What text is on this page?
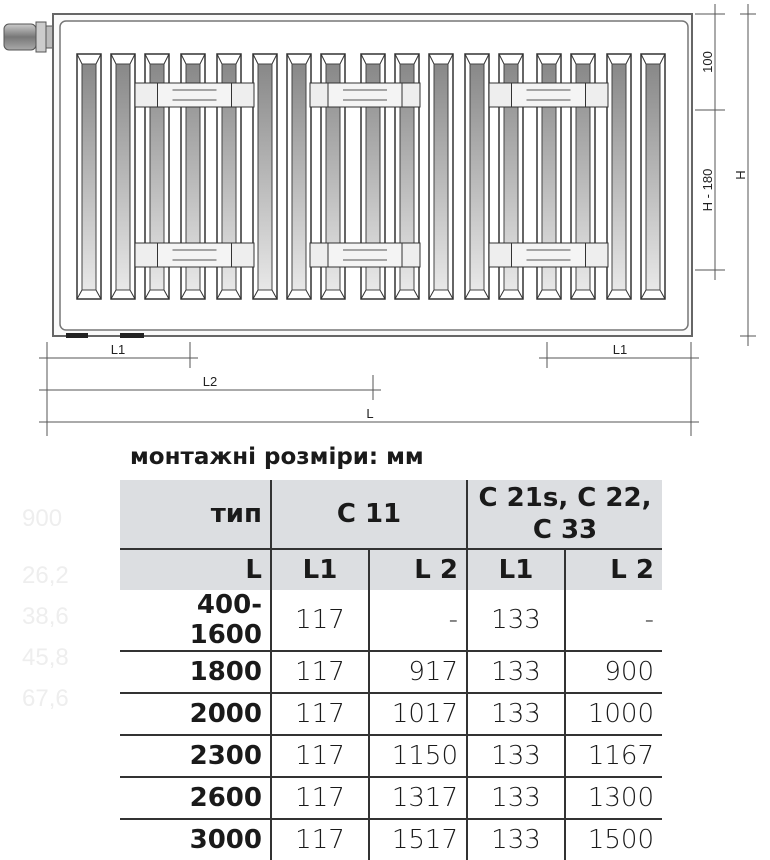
900
26,2
38,6
45,8
67,6
100
H - 180 H
L1	L1
L2
L
монтажні розміри: мм
тип	C 11		C 21s, C 22,
C 33	
L	L1	L 2	L1	L 2
400-1600	117	-	133	-
1800	117	917	133	900
2000	117	1017	133	1000
2300	117	1150	133	1167
2600	117	1317	133	1300
3000	117	1517	133	1500
